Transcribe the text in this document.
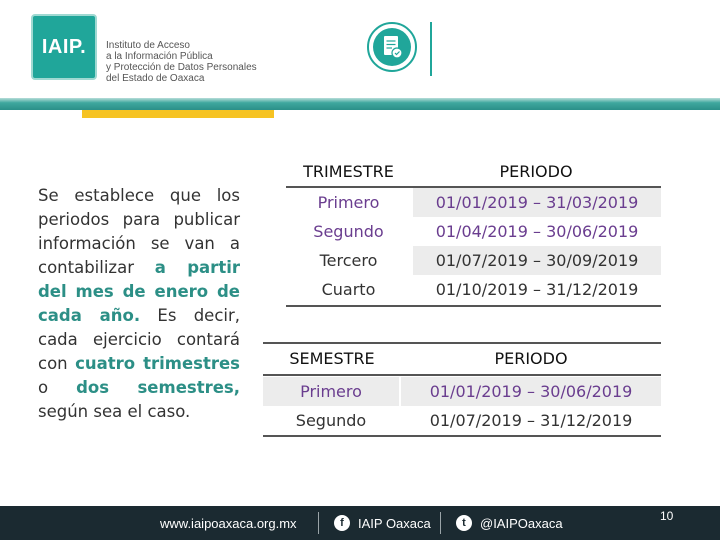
IAIP.	Instituto de Acceso
a la Información Pública
y Protección de Datos Personales
del Estado de Oaxaca
Se establece que los periodos para publicar información se van a contabilizar a partir del mes de enero de cada año. Es decir, cada ejercicio contará con cuatro trimestres o dos semestres, según sea el caso.
TRIMESTRE	PERIODO
Primero	01/01/2019 – 31/03/2019
Segundo	01/04/2019 – 30/06/2019
Tercero	01/07/2019 – 30/09/2019
Cuarto	01/10/2019 – 31/12/2019
SEMESTRE	PERIODO
Primero	01/01/2019 – 30/06/2019
Segundo	01/07/2019 – 31/12/2019
www.iaipoaxaca.org.mx	f	IAIP Oaxaca	t	@IAIPOaxaca	10
